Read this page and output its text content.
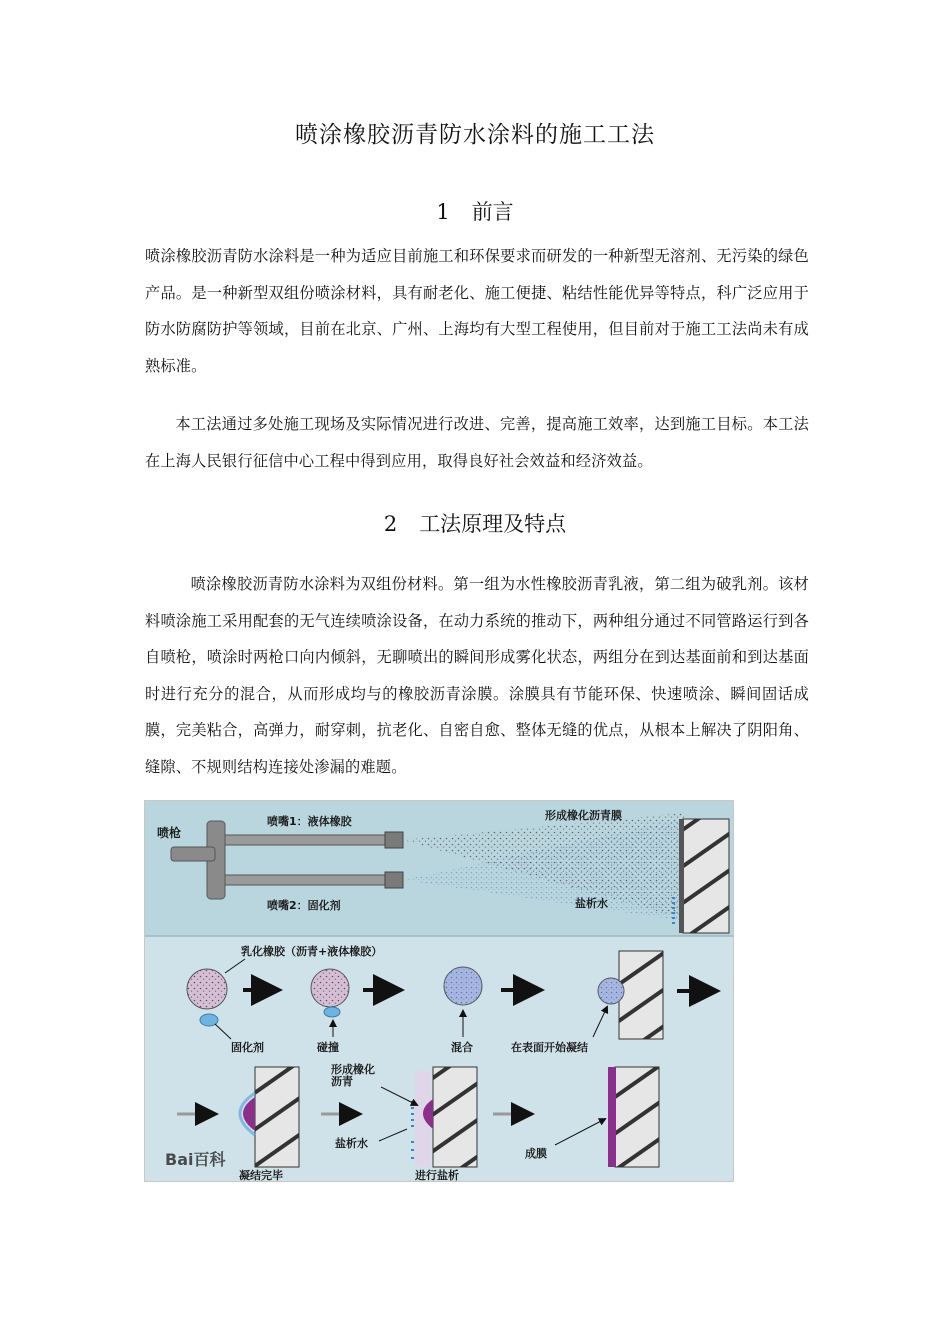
喷涂橡胶沥青防水涂料的施工工法
1 前言
喷涂橡胶沥青防水涂料是一种为适应目前施工和环保要求而研发的一种新型无溶剂、无污染的绿色产品。是一种新型双组份喷涂材料，具有耐老化、施工便捷、粘结性能优异等特点，科广泛应用于防水防腐防护等领域，目前在北京、广州、上海均有大型工程使用，但目前对于施工工法尚未有成熟标准。
本工法通过多处施工现场及实际情况进行改进、完善，提高施工效率，达到施工目标。本工法在上海人民银行征信中心工程中得到应用，取得良好社会效益和经济效益。
2 工法原理及特点
喷涂橡胶沥青防水涂料为双组份材料。第一组为水性橡胶沥青乳液，第二组为破乳剂。该材料喷涂施工采用配套的无气连续喷涂设备，在动力系统的推动下，两种组分通过不同管路运行到各自喷枪，喷涂时两枪口向内倾斜，无聊喷出的瞬间形成雾化状态，两组分在到达基面前和到达基面时进行充分的混合，从而形成均与的橡胶沥青涂膜。涂膜具有节能环保、快速喷涂、瞬间固话成膜，完美粘合，高弹力，耐穿刺，抗老化、自密自愈、整体无缝的优点，从根本上解决了阴阳角、缝隙、不规则结构连接处渗漏的难题。
喷枪
喷嘴1：液体橡胶
喷嘴2：固化剂
形成橡化沥青膜
盐析水
乳化橡胶（沥青+液体橡胶）
固化剂	碰撞	混合	在表面开始凝结
凝结完毕
形成橡化
沥青
盐析水
进行盐析
成膜
Bai百科
